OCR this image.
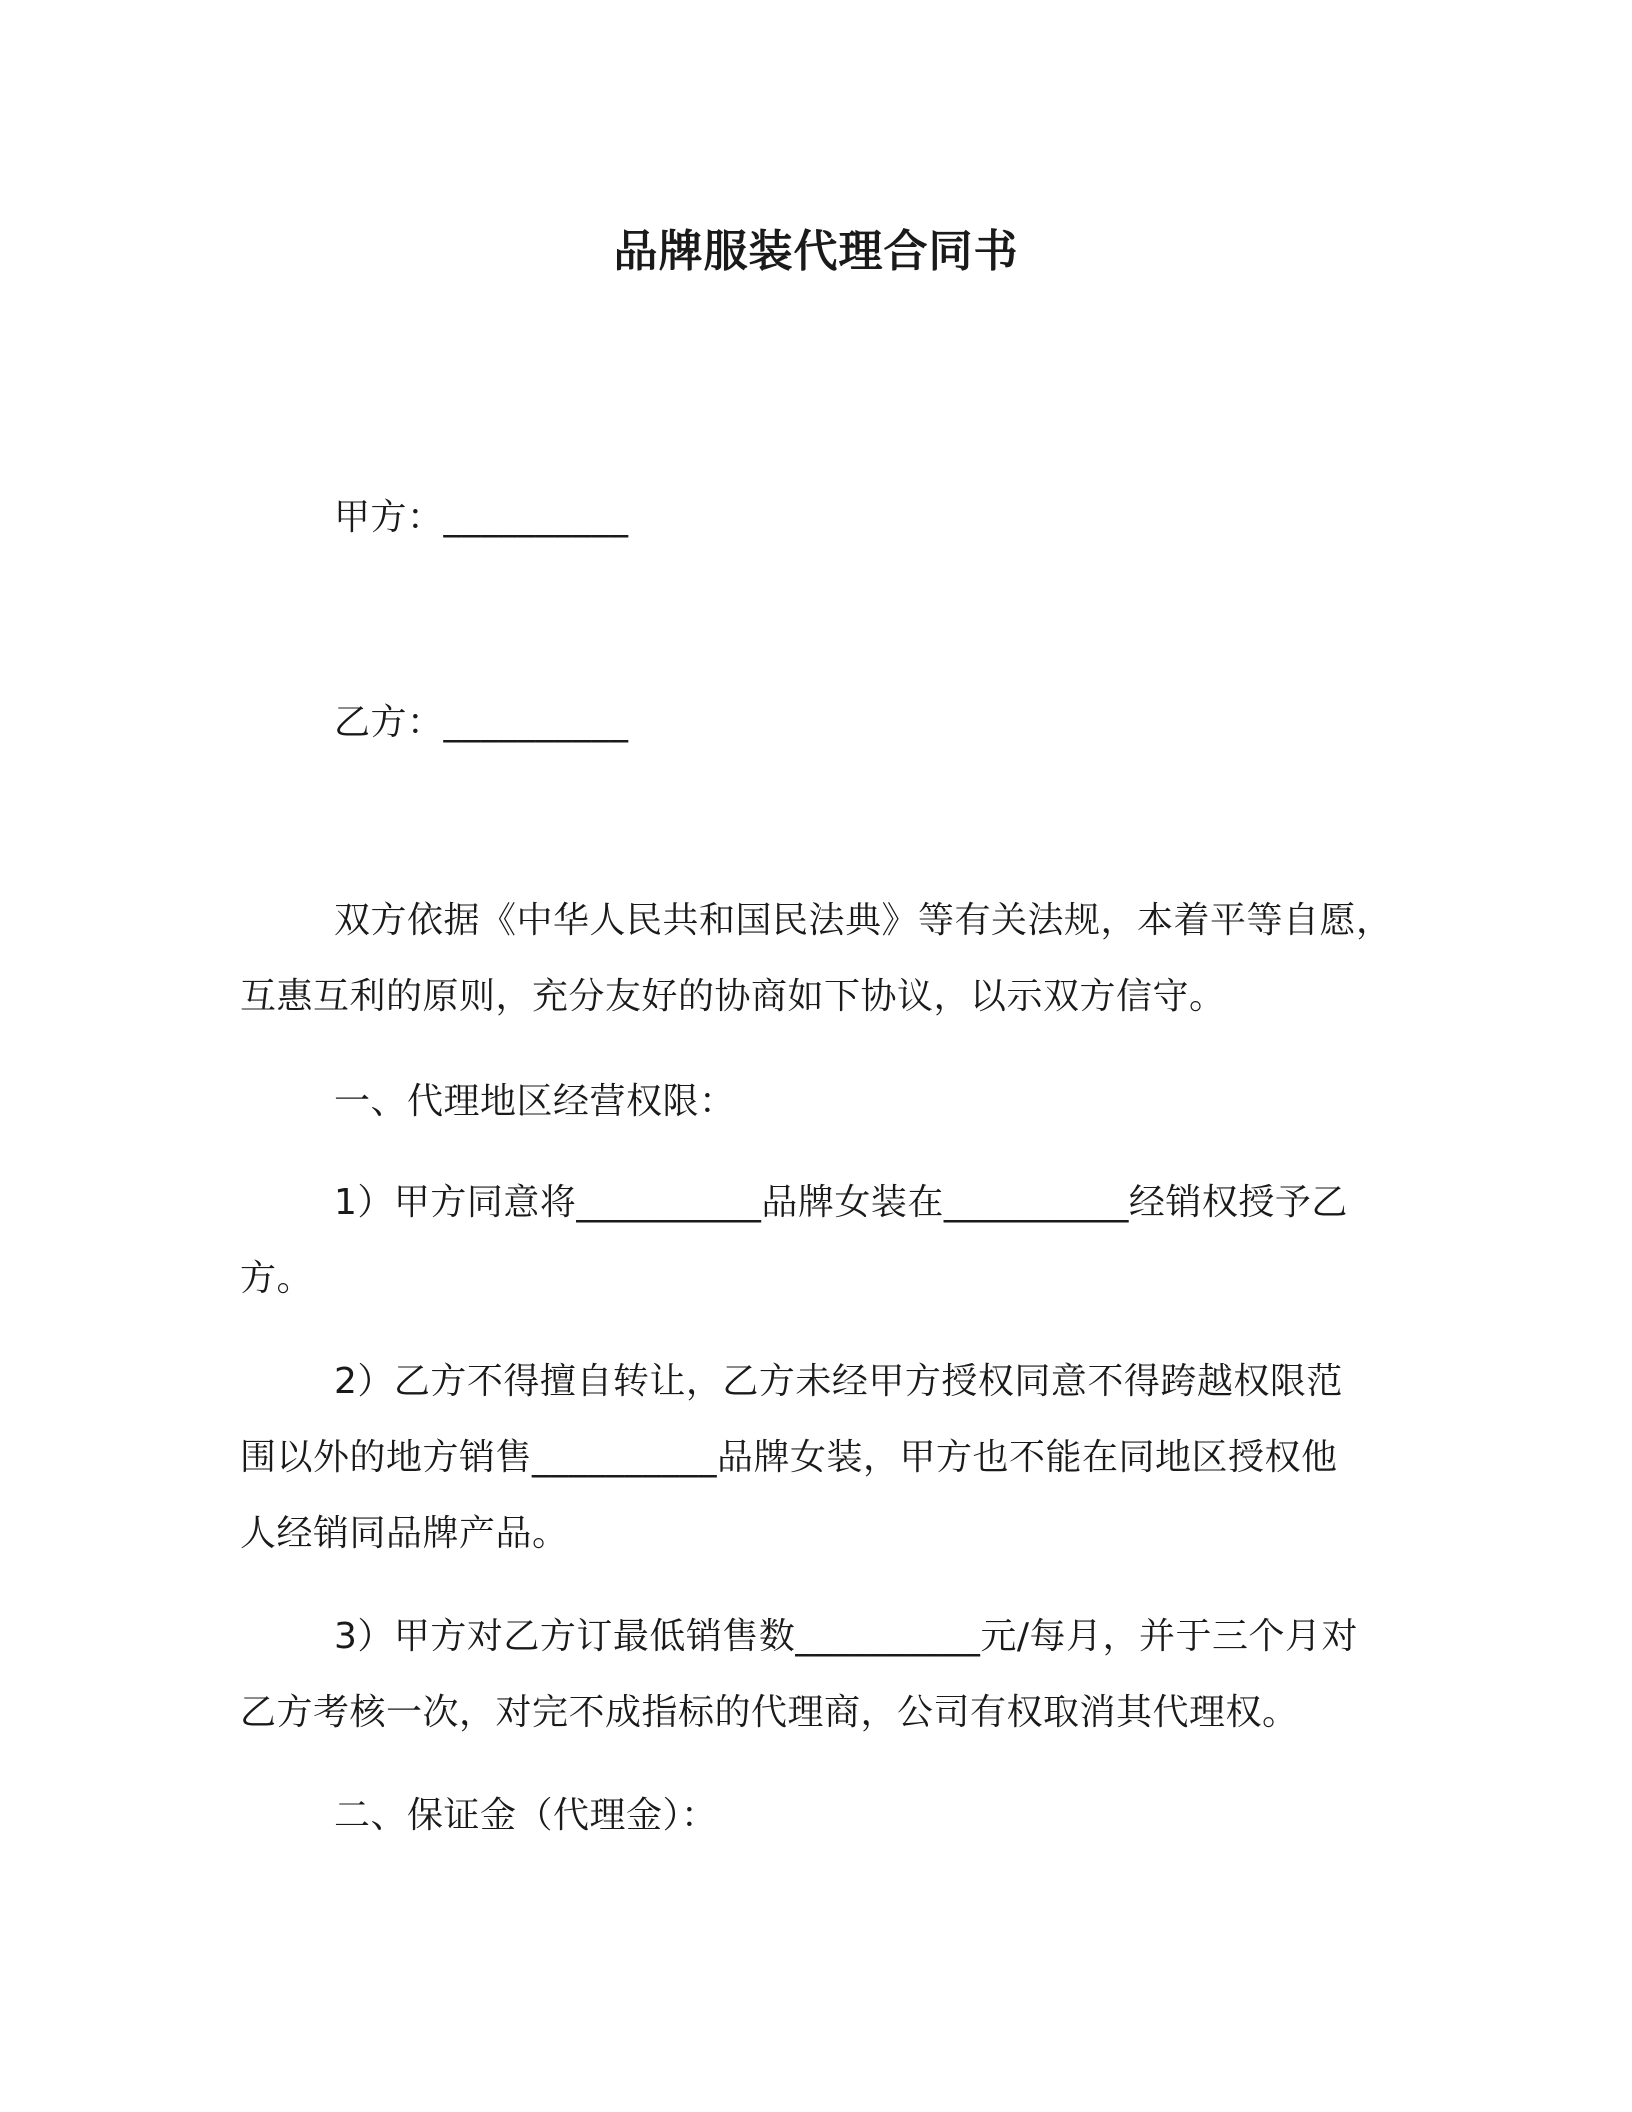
品牌服装代理合同书
甲方：__________
乙方：__________
双方依据《中华人民共和国民法典》等有关法规，本着平等自愿，
互惠互利的原则，充分友好的协商如下协议，以示双方信守。
一、代理地区经营权限：
1）甲方同意将__________品牌女装在__________经销权授予乙
方。
2）乙方不得擅自转让，乙方未经甲方授权同意不得跨越权限范
围以外的地方销售__________品牌女装，甲方也不能在同地区授权他
人经销同品牌产品。
3）甲方对乙方订最低销售数__________元/每月，并于三个月对
乙方考核一次，对完不成指标的代理商，公司有权取消其代理权。
二、保证金（代理金）：
